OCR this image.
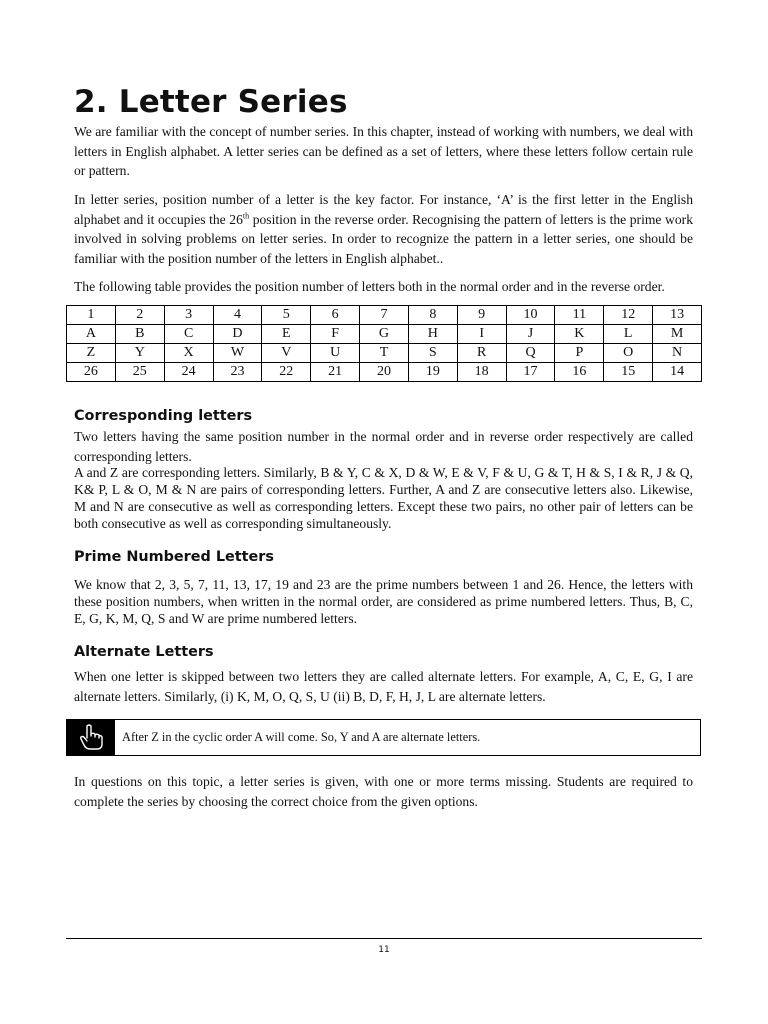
2. Letter Series

We are familiar with the concept of number series. In this chapter, instead of working with numbers, we deal with letters in English alphabet. A letter series can be defined as a set of letters, where these letters follow certain rule or pattern.

In letter series, position number of a letter is the key factor. For instance, ‘A’ is the first letter in the English alphabet and it occupies the 26th position in the reverse order. Recognising the pattern of letters is the prime work involved in solving problems on letter series. In order to recognize the pattern in a letter series, one should be familiar with the position number of the letters in English alphabet..

The following table provides the position number of letters both in the normal order and in the reverse order.

1	2	3	4	5	6	7	8	9	10	11	12	13
A	B	C	D	E	F	G	H	I	J	K	L	M
Z	Y	X	W	V	U	T	S	R	Q	P	O	N
26	25	24	23	22	21	20	19	18	17	16	15	14
Corresponding letters

Two letters having the same position number in the normal order and in reverse order respectively are called corresponding letters.

A and Z are corresponding letters. Similarly, B & Y, C & X, D & W, E & V, F & U, G & T, H & S, I & R, J & Q, K& P, L & O, M & N are pairs of corresponding letters. Further, A and Z are consecutive letters also. Likewise, M and N are consecutive as well as corresponding letters. Except these two pairs, no other pair of letters can be both consecutive as well as corresponding simultaneously.

Prime Numbered Letters

We know that 2, 3, 5, 7, 11, 13, 17, 19 and 23 are the prime numbers between 1 and 26. Hence, the letters with these position numbers, when written in the normal order, are considered as prime numbered letters. Thus, B, C, E, G, K, M, Q, S and W are prime numbered letters.

Alternate Letters

When one letter is skipped between two letters they are called alternate letters. For example, A, C, E, G, I are alternate letters. Similarly, (i) K, M, O, Q, S, U (ii) B, D, F, H, J, L are alternate letters.

After Z in the cyclic order A will come. So, Y and A are alternate letters.

In questions on this topic, a letter series is given, with one or more terms missing. Students are required to complete the series by choosing the correct choice from the given options.

11
